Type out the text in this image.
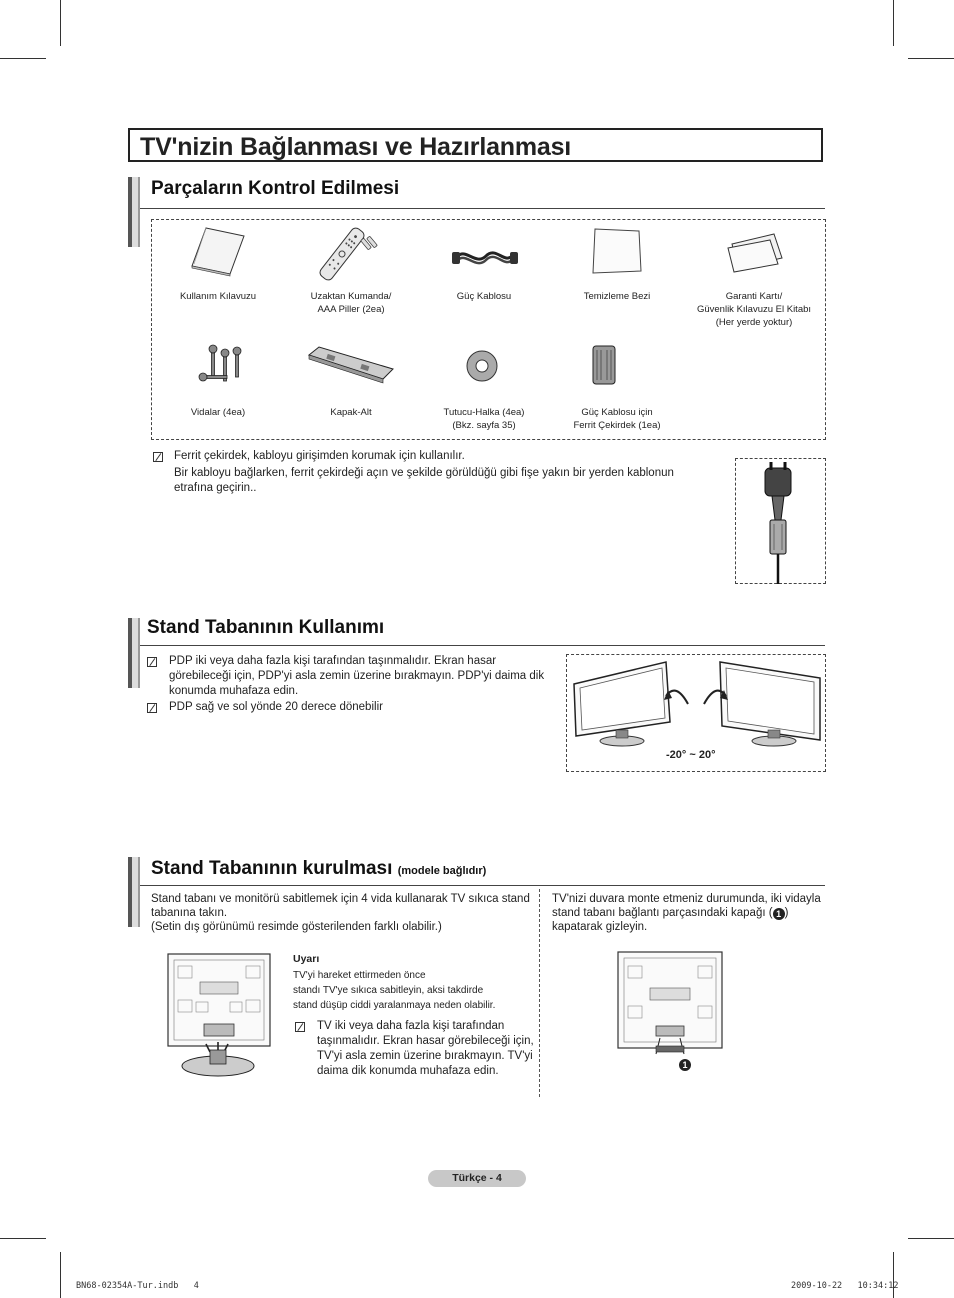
TV'nizin Bağlanması ve Hazırlanması
Parçaların Kontrol Edilmesi
Kullanım Kılavuzu	Uzaktan Kumanda/
AAA Piller (2ea)
Güç Kablosu	Temizleme Bezi	Garanti Kartı/
Güvenlik Kılavuzu El Kitabı
(Her yerde yoktur)
Vidalar (4ea)	Kapak-Alt	Tutucu-Halka (4ea)
(Bkz. sayfa 35)
Güç Kablosu için
Ferrit Çekirdek (1ea)
Ferrit çekirdek, kabloyu girişimden korumak için kullanılır.
Bir kabloyu bağlarken, ferrit çekirdeği açın ve şekilde görüldüğü gibi fişe yakın bir yerden kablonun etrafına geçirin..
Stand Tabanının Kullanımı
PDP iki veya daha fazla kişi tarafından taşınmalıdır. Ekran hasar görebileceği için, PDP'yi asla zemin üzerine bırakmayın. PDP'yi daima dik konumda muhafaza edin.
PDP sağ ve sol yönde 20 derece dönebilir
-20° ~ 20°
Stand Tabanının kurulması (modele bağlıdır)
Stand tabanı ve monitörü sabitlemek için 4 vida kullanarak TV sıkıca stand tabanına takın.
(Setin dış görünümü resimde gösterilenden farklı olabilir.)
TV'nizi duvara monte etmeniz durumunda, iki vidayla stand tabanı bağlantı parçasındaki kapağı ( 1 ) kapatarak gizleyin.
Uyarı
TV'yi hareket ettirmeden önce
standı TV'ye sıkıca sabitleyin, aksi takdirde
stand düşüp ciddi yaralanmaya neden olabilir.
TV iki veya daha fazla kişi tarafından taşınmalıdır. Ekran hasar görebileceği için, TV'yi asla zemin üzerine bırakmayın. TV'yi daima dik konumda muhafaza edin.	1
Türkçe - 4
BN68-02354A-Tur.indb   4	2009-10-22   10:34:12
